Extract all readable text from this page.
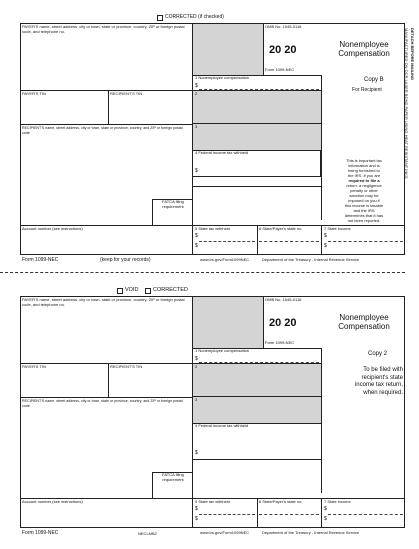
CORRECTED (if checked)
PAYER'S name, street address, city or town, state or province, country, ZIP or foreign postal code, and telephone no.
OMB No. 1545-0116
20 20
Form 1099-NEC
Nonemployee Compensation
1 Nonemployee compensation
$
2
3
4 Federal income tax withheld
$
PAYER'S TIN	RECIPIENT'S TIN
RECIPIENT'S name, street address, city or town, state or province, country, and ZIP or foreign postal code
FATCA filing requirement
Account number (see instructions)	5 State tax withheld	6 State/Payer's state no.	7 State income
$
$
$
$
Copy B
For Recipient
This is important tax
information and is
being furnished to
the IRS. If you are
required to file a
return, a negligence
penalty or other
sanction may be
imposed on you if
this income is taxable
and the IRS
determines that it has
not been reported.
Form 1099-NEC	(keep for your records)	www.irs.gov/Form1099NEC	Department of the Treasury - Internal Revenue Service
VOID	CORRECTED
PAYER'S name, street address, city or town, state or province, country, ZIP or foreign postal code, and telephone no.
OMB No. 1545-0116
20 20
Form 1099-NEC
Nonemployee Compensation
1 Nonemployee compensation
$
2
3
4 Federal income tax withheld
$
PAYER'S TIN	RECIPIENT'S TIN
RECIPIENT'S name, street address, city or town, state or province, country, and ZIP or foreign postal code
FATCA filing requirement
Account number (see instructions)	5 State tax withheld	6 State/Payer's state no.	7 State income
$
$
$
$
Copy 2
To be filed with
recipient's state
income tax return,
when required.
Form 1099-NEC	NECLMB2	www.irs.gov/Form1099NEC	Department of the Treasury - Internal Revenue Service
DETACH BEFORE MAILING
MANUFACTURED ON OCR LASER BOND PAPER USING HEAT RESISTANT INKS
